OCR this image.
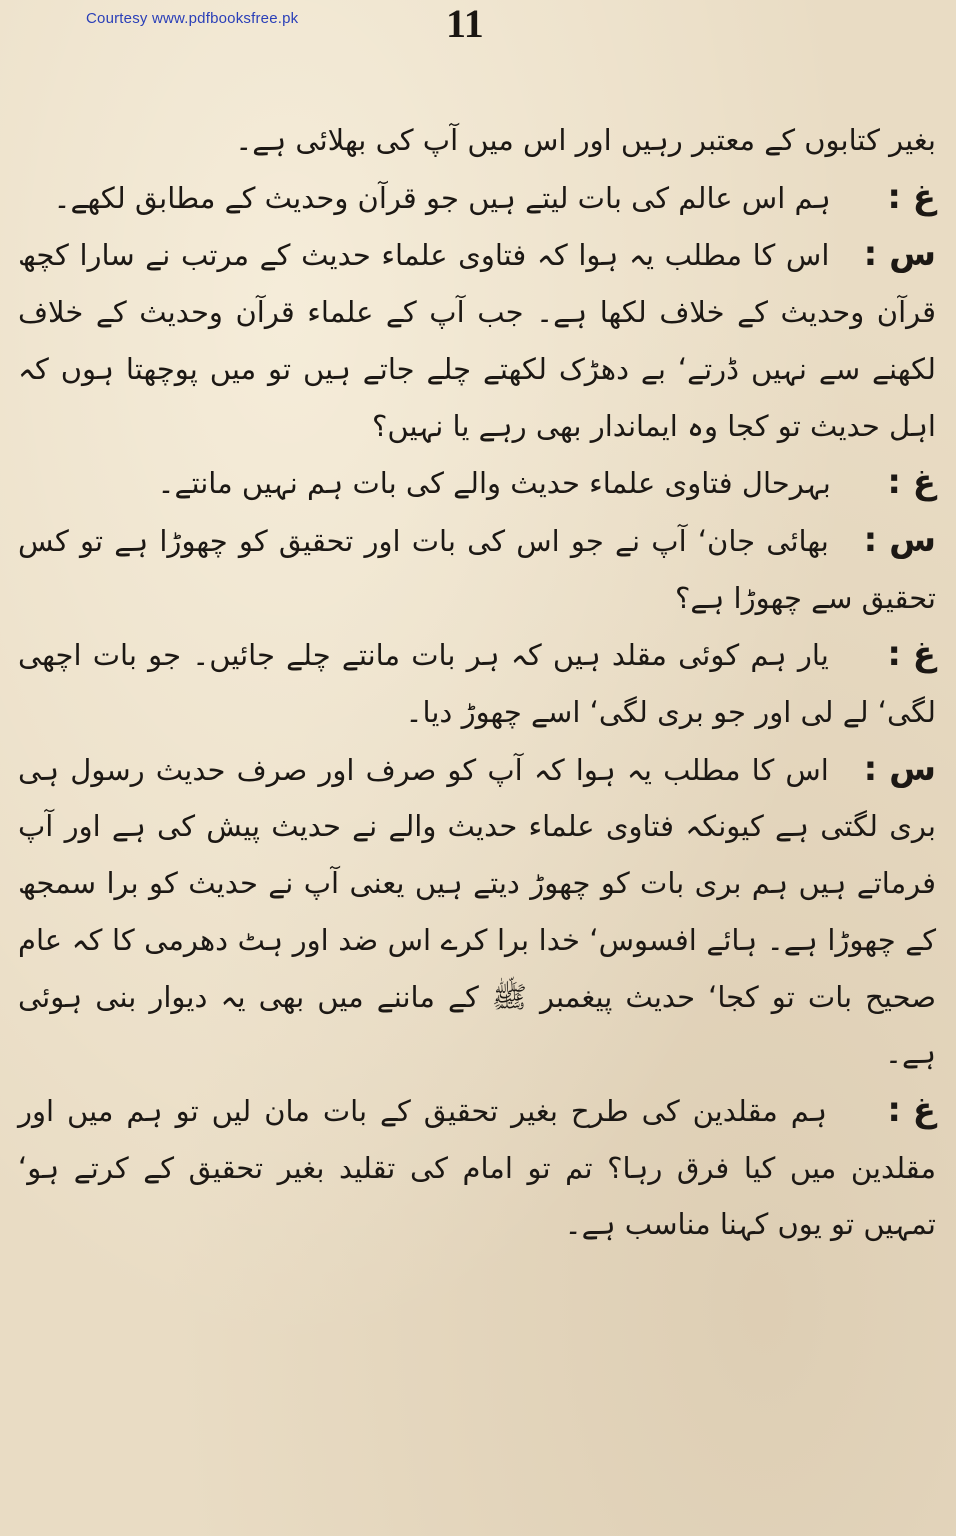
Courtesy www.pdfbooksfree.pk	11

بغیر کتابوں کے معتبر رہیں اور اس میں آپ کی بھلائی ہے۔

غ : ہم اس عالم کی بات لیتے ہیں جو قرآن وحدیث کے مطابق لکھے۔

س : اس کا مطلب یہ ہوا کہ فتاوی علماء حدیث کے مرتب نے سارا کچھ قرآن وحدیث کے خلاف لکھا ہے۔ جب آپ کے علماء قرآن وحدیث کے خلاف لکھنے سے نہیں ڈرتے‘ بے دھڑک لکھتے چلے جاتے ہیں تو میں پوچھتا ہوں کہ اہل حدیث تو کجا وہ ایماندار بھی رہے یا نہیں؟

غ : بہرحال فتاوی علماء حدیث والے کی بات ہم نہیں مانتے۔

س : بھائی جان‘ آپ نے جو اس کی بات اور تحقیق کو چھوڑا ہے تو کس تحقیق سے چھوڑا ہے؟

غ : یار ہم کوئی مقلد ہیں کہ ہر بات مانتے چلے جائیں۔ جو بات اچھی لگی‘ لے لی اور جو بری لگی‘ اسے چھوڑ دیا۔

س : اس کا مطلب یہ ہوا کہ آپ کو صرف اور صرف حدیث رسول ہی بری لگتی ہے کیونکہ فتاوی علماء حدیث والے نے حدیث پیش کی ہے اور آپ فرماتے ہیں ہم بری بات کو چھوڑ دیتے ہیں یعنی آپ نے حدیث کو برا سمجھ کے چھوڑا ہے۔ ہائے افسوس‘ خدا برا کرے اس ضد اور ہٹ دھرمی کا کہ عام صحیح بات تو کجا‘ حدیث پیغمبر ﷺ کے ماننے میں بھی یہ دیوار بنی ہوئی ہے۔

غ : ہم مقلدین کی طرح بغیر تحقیق کے بات مان لیں تو ہم میں اور مقلدین میں کیا فرق رہا؟ تم تو امام کی تقلید بغیر تحقیق کے کرتے ہو‘ تمہیں تو یوں کہنا مناسب ہے۔
